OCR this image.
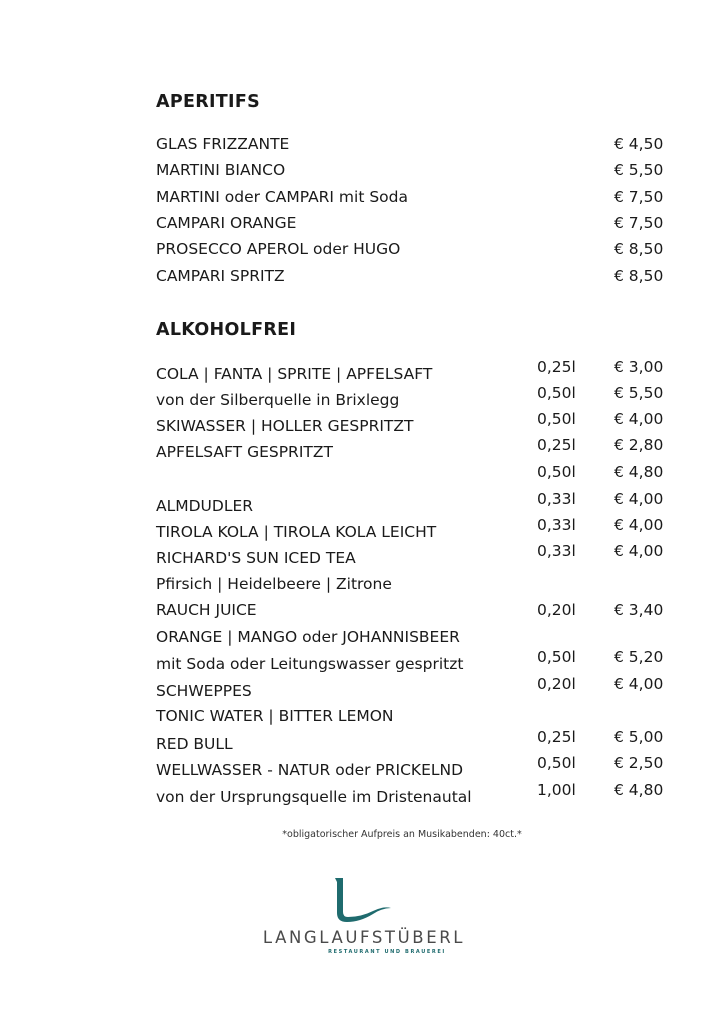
APERITIFS
GLAS FRIZZANTE	€ 4,50
MARTINI BIANCO	€ 5,50
MARTINI oder CAMPARI mit Soda	€ 7,50
CAMPARI ORANGE	€ 7,50
PROSECCO APEROL oder HUGO	€ 8,50
CAMPARI SPRITZ	€ 8,50
ALKOHOLFREI
COLA | FANTA | SPRITE | APFELSAFT	0,25l € 3,00
von der Silberquelle in Brixlegg	0,50l € 5,50
SKIWASSER | HOLLER GESPRITZT	0,50l € 4,00
APFELSAFT GESPRITZT	0,25l € 2,80
0,50l € 4,80
ALMDUDLER	0,33l € 4,00
TIROLA KOLA | TIROLA KOLA LEICHT	0,33l € 4,00
RICHARD'S SUN ICED TEA	0,33l € 4,00
Pfirsich | Heidelbeere | Zitrone
RAUCH JUICE	0,20l € 3,40
ORANGE | MANGO oder JOHANNISBEER
mit Soda oder Leitungswasser gespritzt	0,50l € 5,20
SCHWEPPES	0,20l € 4,00
TONIC WATER | BITTER LEMON
RED BULL	0,25l € 5,00
WELLWASSER - NATUR oder PRICKELND	0,50l € 2,50
von der Ursprungsquelle im Dristenautal	1,00l € 4,80
*obligatorischer Aufpreis an Musikabenden: 40ct.*
LANGLAUFSTÜBERL
RESTAURANT UND BRAUEREI
